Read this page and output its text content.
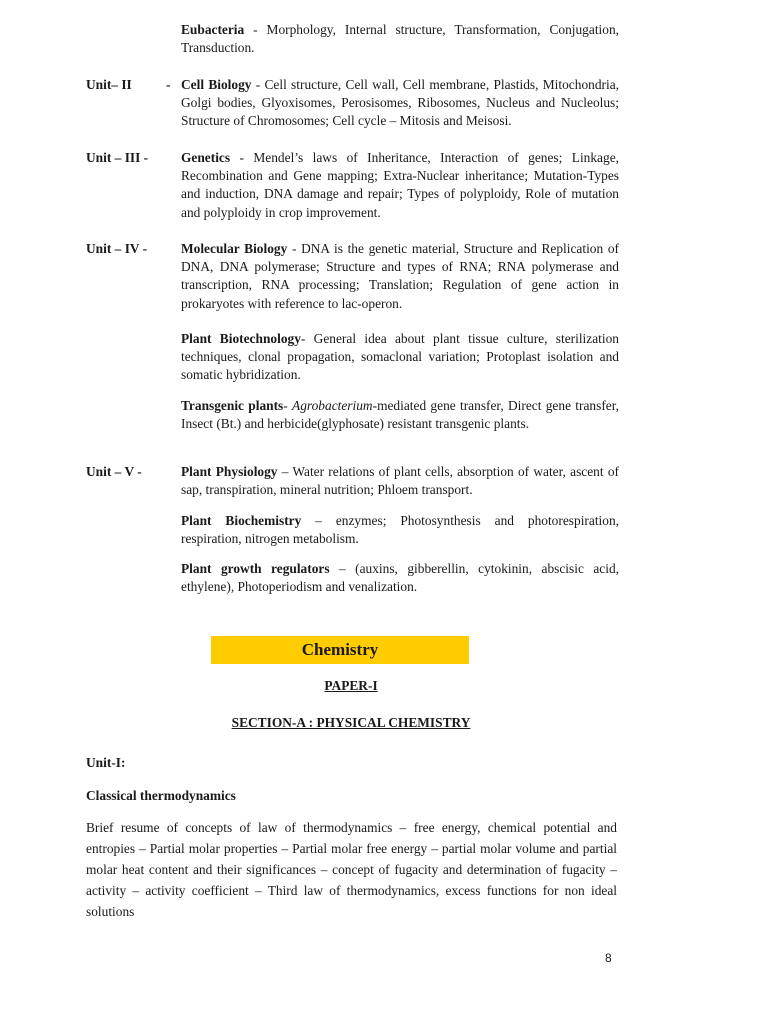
Eubacteria - Morphology, Internal structure, Transformation, Conjugation, Transduction.
Unit– II	- Cell Biology - Cell structure, Cell wall, Cell membrane, Plastids, Mitochondria, Golgi bodies, Glyoxisomes, Perosisomes, Ribosomes, Nucleus and Nucleolus; Structure of Chromosomes; Cell cycle – Mitosis and Meisosi.
Unit – III - Genetics - Mendel’s laws of Inheritance, Interaction of genes; Linkage, Recombination and Gene mapping; Extra-Nuclear inheritance; Mutation-Types and induction, DNA damage and repair; Types of polyploidy, Role of mutation and polyploidy in crop improvement.
Unit – IV -	Molecular Biology - DNA is the genetic material, Structure and Replication of DNA, DNA polymerase; Structure and types of RNA; RNA polymerase and transcription, RNA processing; Translation; Regulation of gene action in prokaryotes with reference to lac-operon.
Plant Biotechnology- General idea about plant tissue culture, sterilization techniques, clonal propagation, somaclonal variation; Protoplast isolation and somatic hybridization.
Transgenic plants- Agrobacterium-mediated gene transfer, Direct gene transfer, Insect (Bt.) and herbicide(glyphosate) resistant transgenic plants.
Unit – V -	Plant Physiology – Water relations of plant cells, absorption of water, ascent of sap, transpiration, mineral nutrition; Phloem transport.
Plant Biochemistry – enzymes; Photosynthesis and photorespiration, respiration, nitrogen metabolism.
Plant growth regulators – (auxins, gibberellin, cytokinin, abscisic acid, ethylene), Photoperiodism and venalization.
Chemistry
PAPER-I
SECTION-A : PHYSICAL CHEMISTRY
Unit-I:
Classical thermodynamics
Brief resume of concepts of law of thermodynamics – free energy, chemical potential and entropies – Partial molar properties – Partial molar free energy – partial molar volume and partial molar heat content and their significances – concept of fugacity and determination of fugacity – activity – activity coefficient – Third law of thermodynamics, excess functions for non ideal solutions
8
